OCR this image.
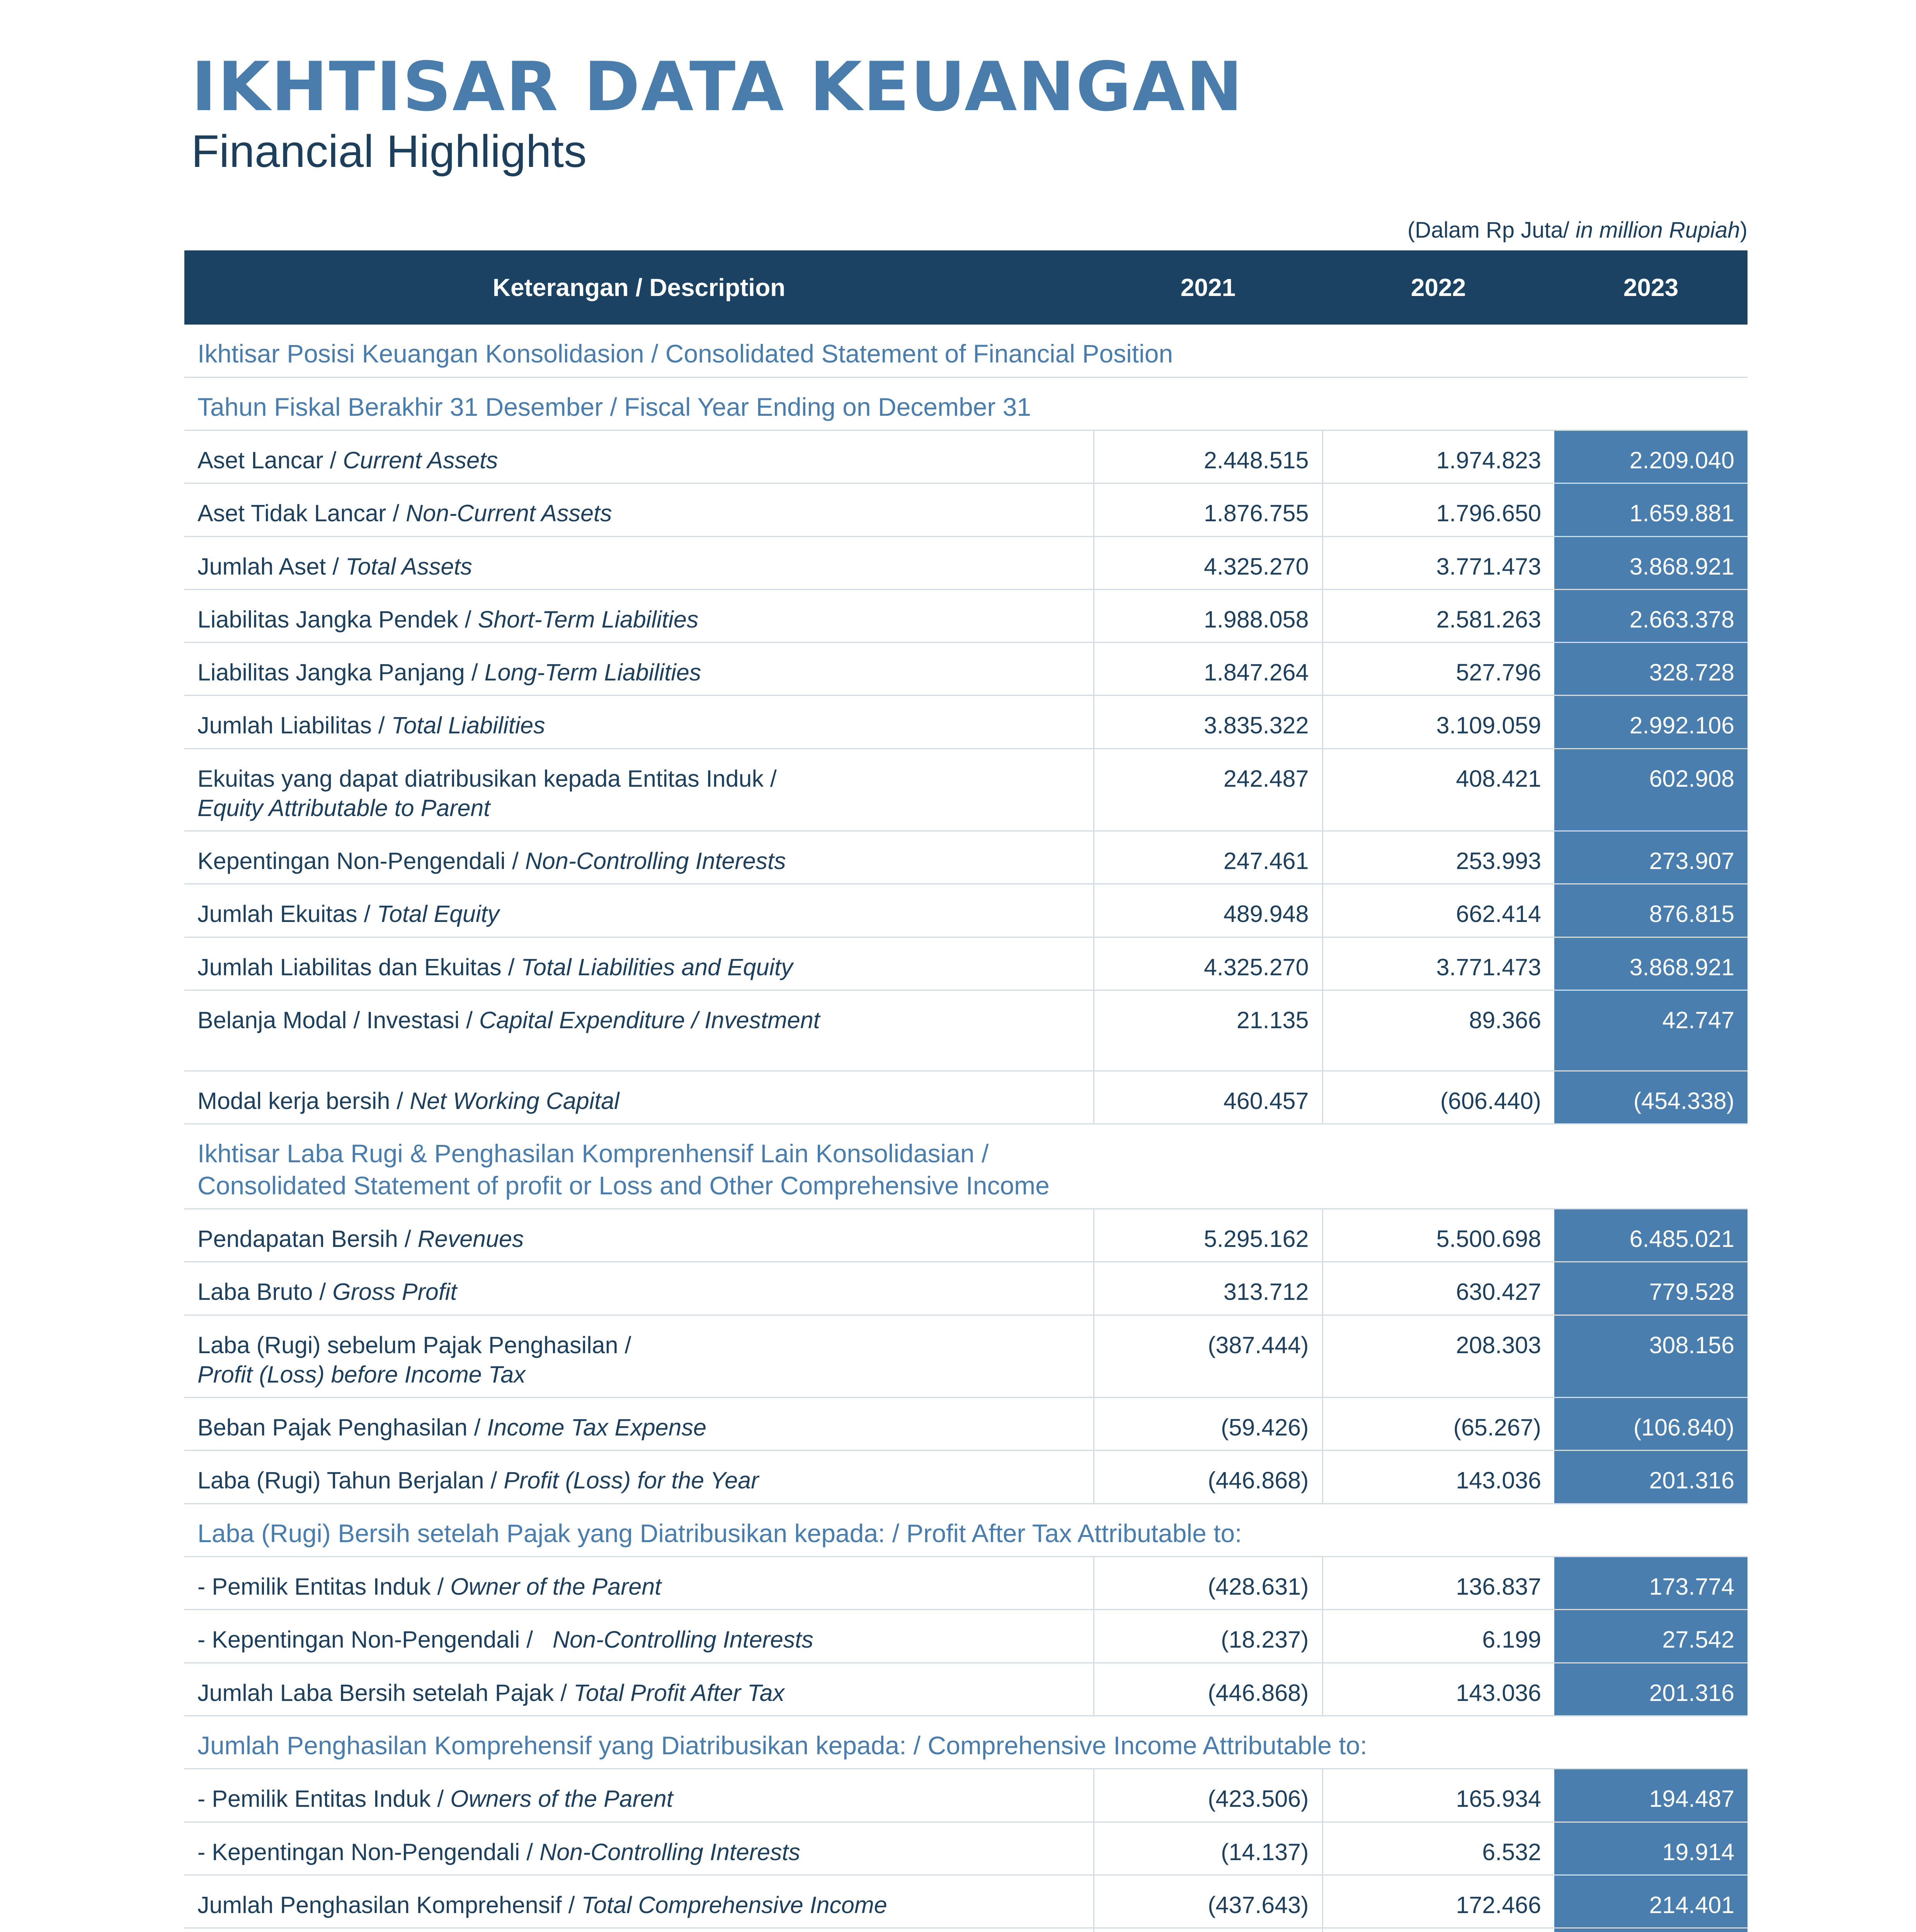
IKHTISAR DATA KEUANGAN
Financial Highlights
(Dalam Rp Juta/ in million Rupiah)
Keterangan / Description	2021	2022	2023
Ikhtisar Posisi Keuangan Konsolidasion / Consolidated Statement of Financial Position			
Tahun Fiskal Berakhir 31 Desember / Fiscal Year Ending on December 31			
Aset Lancar / Current Assets	2.448.515	1.974.823	2.209.040
Aset Tidak Lancar / Non-Current Assets	1.876.755	1.796.650	1.659.881
Jumlah Aset / Total Assets	4.325.270	3.771.473	3.868.921
Liabilitas Jangka Pendek / Short-Term Liabilities	1.988.058	2.581.263	2.663.378
Liabilitas Jangka Panjang / Long-Term Liabilities	1.847.264	527.796	328.728
Jumlah Liabilitas / Total Liabilities	3.835.322	3.109.059	2.992.106
Ekuitas yang dapat diatribusikan kepada Entitas Induk /
Equity Attributable to Parent	242.487	408.421	602.908
Kepentingan Non-Pengendali / Non-Controlling Interests	247.461	253.993	273.907
Jumlah Ekuitas / Total Equity	489.948	662.414	876.815
Jumlah Liabilitas dan Ekuitas / Total Liabilities and Equity	4.325.270	3.771.473	3.868.921
Belanja Modal / Investasi / Capital Expenditure / Investment	21.135	89.366	42.747
Modal kerja bersih / Net Working Capital	460.457	(606.440)	(454.338)
Ikhtisar Laba Rugi & Penghasilan Komprenhensif Lain Konsolidasian /
Consolidated Statement of profit or Loss and Other Comprehensive Income			
Pendapatan Bersih / Revenues	5.295.162	5.500.698	6.485.021
Laba Bruto / Gross Profit	313.712	630.427	779.528
Laba (Rugi) sebelum Pajak Penghasilan /
Profit (Loss) before Income Tax	(387.444)	208.303	308.156
Beban Pajak Penghasilan / Income Tax Expense	(59.426)	(65.267)	(106.840)
Laba (Rugi) Tahun Berjalan / Profit (Loss) for the Year	(446.868)	143.036	201.316
Laba (Rugi) Bersih setelah Pajak yang Diatribusikan kepada: / Profit After Tax Attributable to:			
- Pemilik Entitas Induk / Owner of the Parent	(428.631)	136.837	173.774
- Kepentingan Non-Pengendali /   Non-Controlling Interests	(18.237)	6.199	27.542
Jumlah Laba Bersih setelah Pajak / Total Profit After Tax	(446.868)	143.036	201.316
Jumlah Penghasilan Komprehensif yang Diatribusikan kepada: / Comprehensive Income Attributable to:			
- Pemilik Entitas Induk / Owners of the Parent	(423.506)	165.934	194.487
- Kepentingan Non-Pengendali / Non-Controlling Interests	(14.137)	6.532	19.914
Jumlah Penghasilan Komprehensif / Total Comprehensive Income	(437.643)	172.466	214.401
